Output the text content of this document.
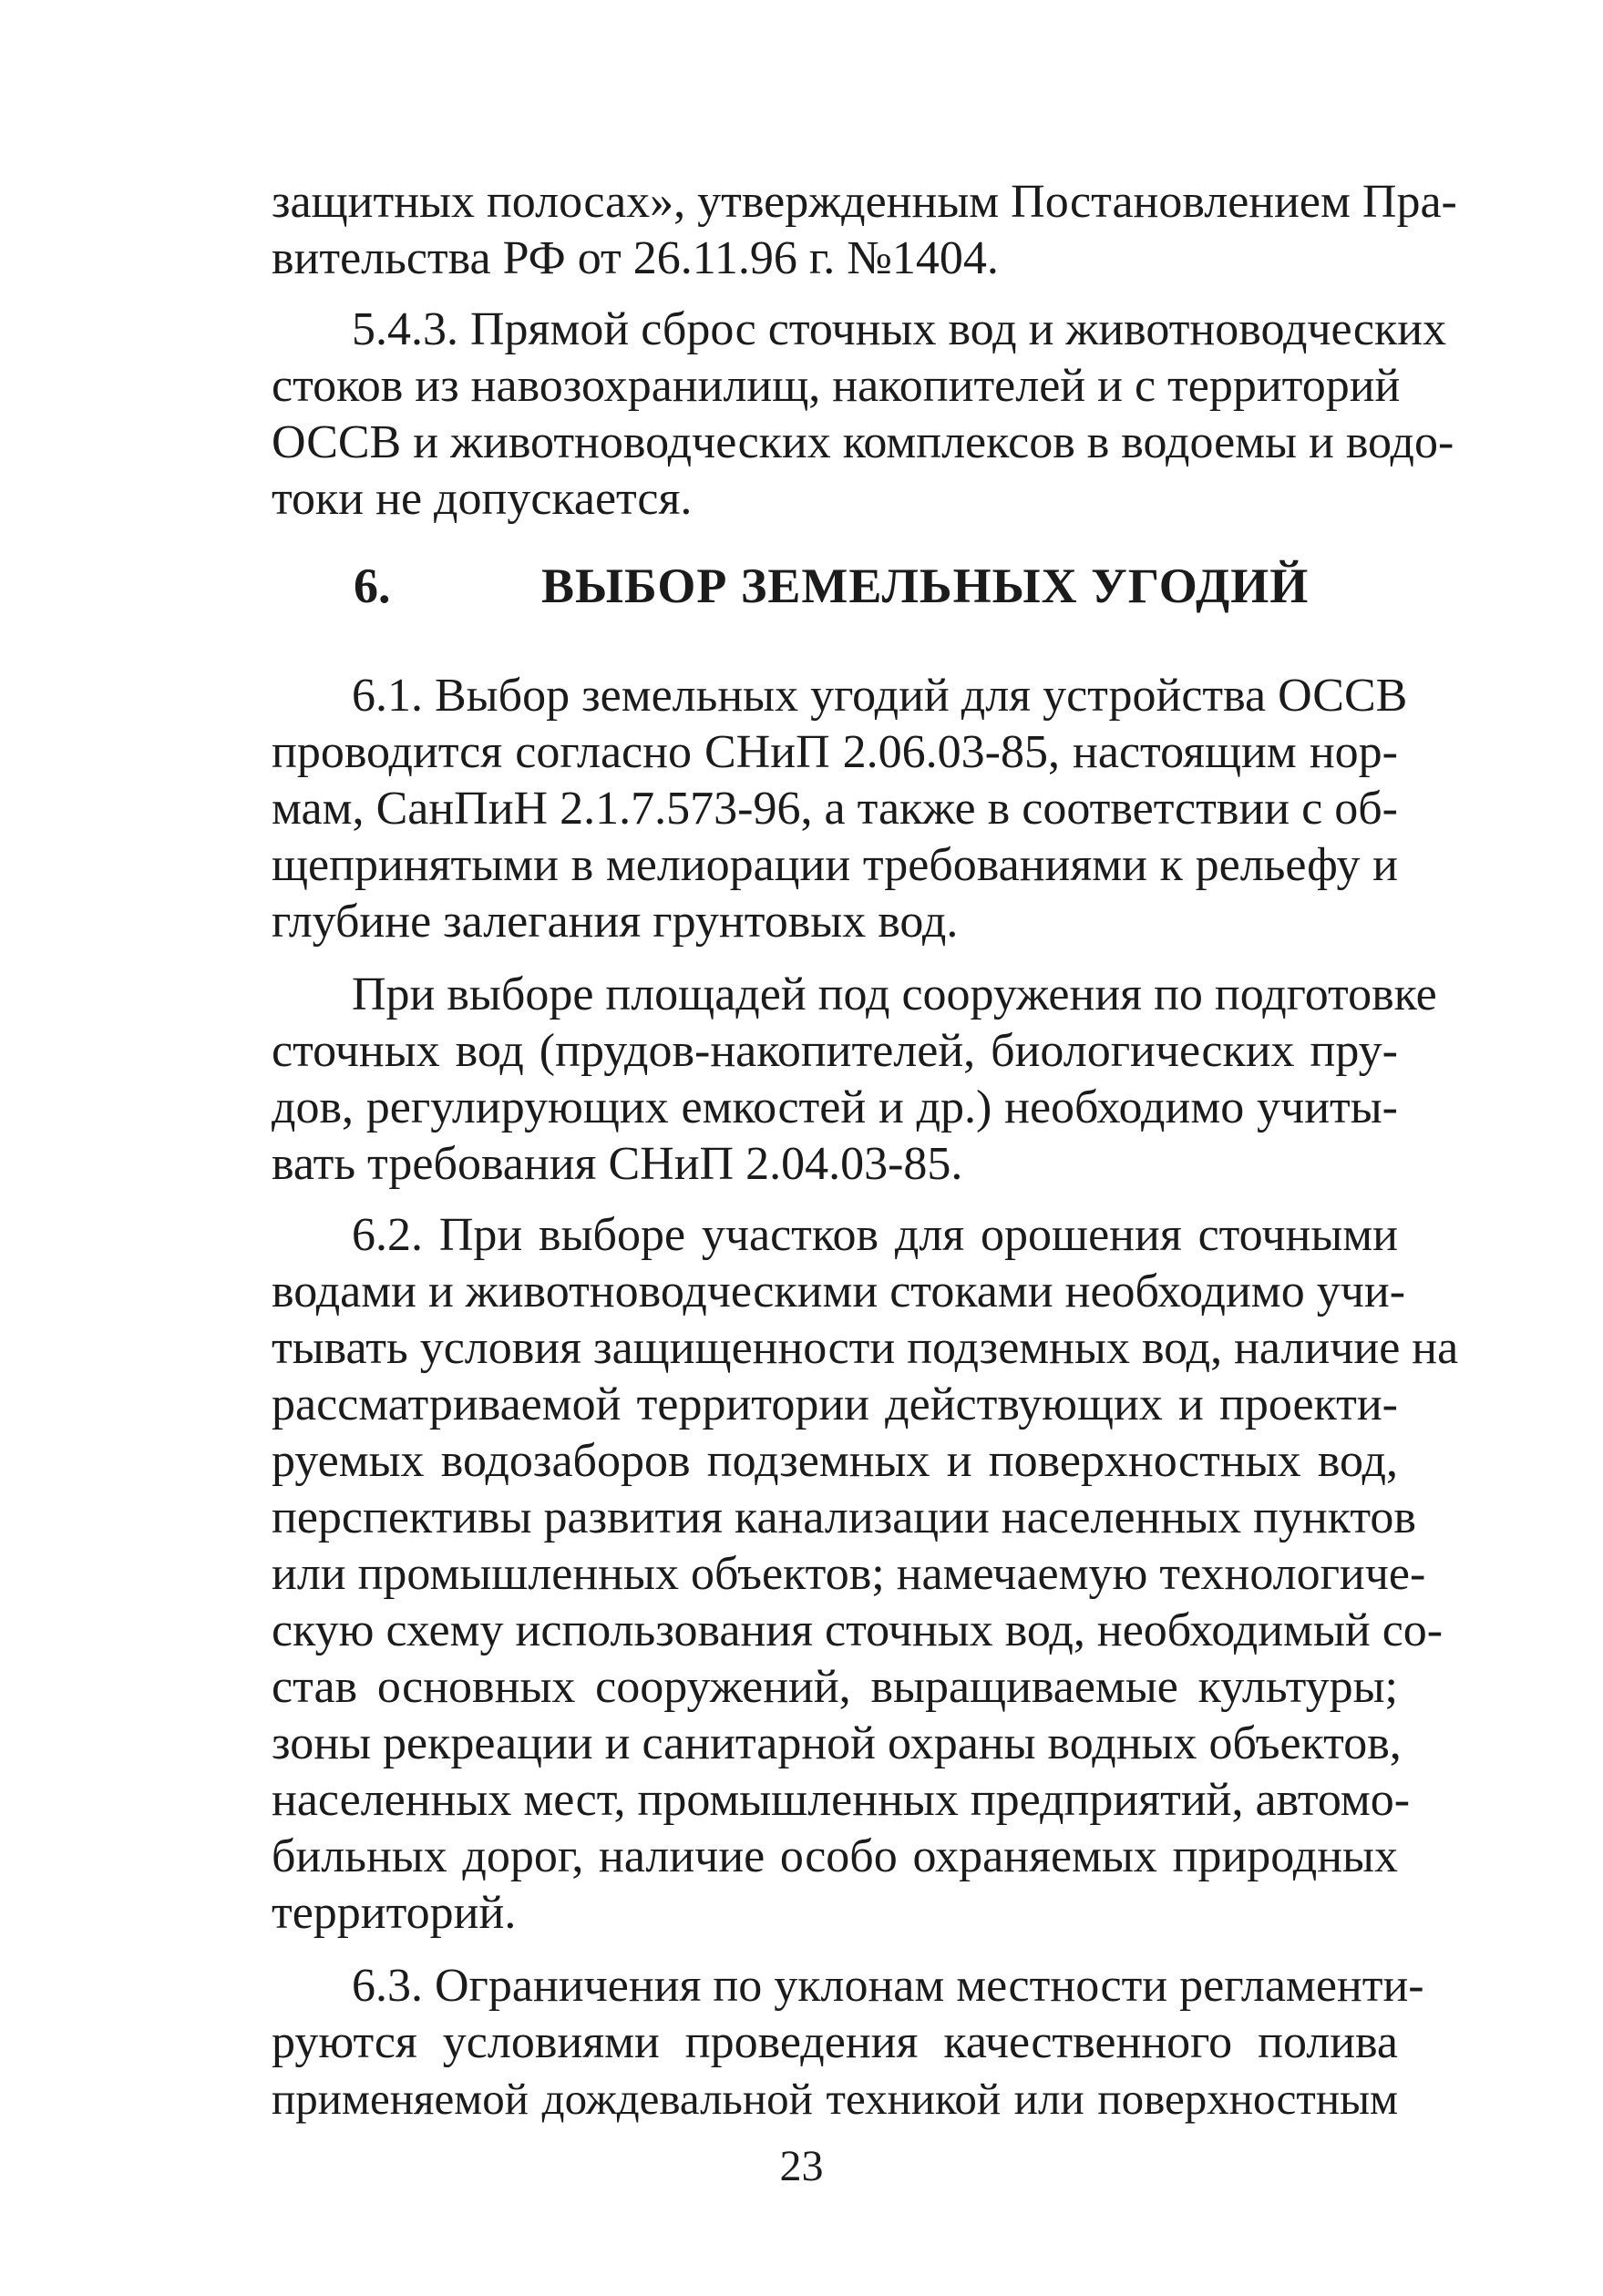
защитных полосах», утвержденным Постановлением Пра-
вительства РФ от 26.11.96 г. №1404.
5.4.3. Прямой сброс сточных вод и животноводческих
стоков из навозохранилищ, накопителей и с территорий
ОССВ и животноводческих комплексов в водоемы и водо-
токи не допускается.
6.	ВЫБОР ЗЕМЕЛЬНЫХ УГОДИЙ
6.1. Выбор земельных угодий для устройства ОССВ
проводится согласно СНиП 2.06.03-85, настоящим нор-
мам, СанПиН 2.1.7.573-96, а также в соответствии с об-
щепринятыми в мелиорации требованиями к рельефу и
глубине залегания грунтовых вод.
При выборе площадей под сооружения по подготовке
сточных вод (прудов-накопителей, биологических пру-
дов, регулирующих емкостей и др.) необходимо учиты-
вать требования СНиП 2.04.03-85.
6.2. При выборе участков для орошения сточными
водами и животноводческими стоками необходимо учи-
тывать условия защищенности подземных вод, наличие на
рассматриваемой территории действующих и проекти-
руемых водозаборов подземных и поверхностных вод,
перспективы развития канализации населенных пунктов
или промышленных объектов; намечаемую технологиче-
скую схему использования сточных вод, необходимый со-
став основных сооружений, выращиваемые культуры;
зоны рекреации и санитарной охраны водных объектов,
населенных мест, промышленных предприятий, автомо-
бильных дорог, наличие особо охраняемых природных
территорий.
6.3. Ограничения по уклонам местности регламенти-
руются условиями проведения качественного полива
применяемой дождевальной техникой или поверхностным
23
